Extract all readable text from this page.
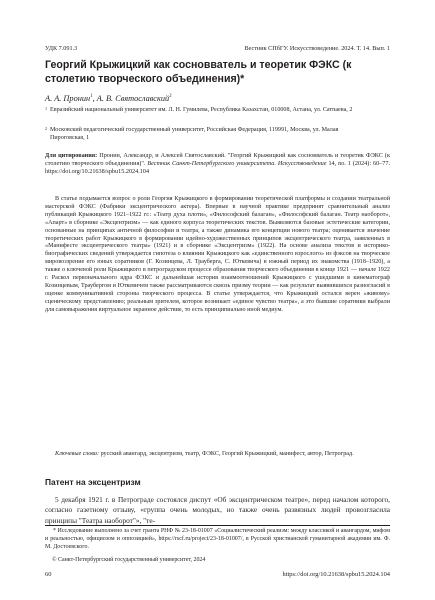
УДК 7.091.3	Вестник СПбГУ. Искусствоведение. 2024. Т. 14. Вып. 1
Георгий Крыжицкий как сосновватель и теоретик ФЭКС (к столетию творческого объединения)*
А. А. Пронин$^1$, А. В. Святославский$^2$
1 Евразийский национальный университет им. Л. Н. Гумилева, Республика Казахстан, 010008, Астана, ул. Сатпаева, 2
2 Московский педагогический государственный университет, Российская Федерация, 119991, Москва, ул. Малая Пироговская, 1
Для цитирования: Пронин, Александр, и Алексей Святославский. "Георгий Крыжицкий как сосновватель и теоретик ФЭКС (к столетию творческого объединения)". Вестник Санкт-Петербургского университета. Искусствоведение 14, no. 1 (2024): 60–77. https://doi.org/10.21638/spbu15.2024.104

В статье подымается вопрос о роли Георгия Крыжицкого в формировании теоретической платформы и создании театральной мастерской ФЭКС (Фабрики эксцентрического актера). Впервые в научной практике предпринят сравнительный анализ публикаций Крыжицкого 1921–1922 гг.: «Театр духа плоти», «Философский балаган», «Философский балаган. Театр наоборот», «Апарт» в сборнике «Эксцентризм» — как единого корпуса теоретических текстов. Выявляются базовые эстетические категории, основанные на принципах античной философии и театра, а также динамика его концепции нового театра; оценивается значение теоретических работ Крыжицкого в формировании идейно-художественных принципов эксцентрического театра, заявленных в «Манифесте эксцентрического театра» (1921) и в сборнике «Эксцентризм» (1922). На основе анализа текстов и историко-биографических сведений утверждается гипотеза о влиянии Крыжицкого как «единственного взрослого» из фэксов на творческое мировоззрение его юных соратников (Г. Козинцева, Л. Трауберга, С. Юткевича) в южный период их знакомства (1918–1920), а также о ключевой роли Крыжицкого в петроградском процессе образования творческого объединения в конце 1921 — начале 1922 г. Раскол первоначального ядра ФЭКС и дальнейшая история взаимоотношений Крыжицкого с ушедшими в кинематограф Козинцевым, Траубергом и Юткевичем также рассматриваются сквозь призму теории — как результат выявившихся разногласий в оценке коммуникативной стороны творческого процесса. В статье утверждается, что Крыжицкий остался верен «живому» сценическому представлению; реальным зрителем, которое возникает «единое чувство театра», а это бывшие соратники выбрали для самовыражения виртуальное экранное действие, то есть принципиально иной медиум.

Ключевые слова: русский авангард, эксцентризм, театр, ФЭКС, Георгий Крыжицкий, манифест, автор, Петроград.

Патент на эксцентризм

5 декабря 1921 г. в Петрограде состоялся диспут «Об эксцентрическом театре», перед началом которого, согласно газетному отзыву, «группа очень молодых, но также очень развязных людей провозгласила принципы "Театра наоборот"», "те-

* Исследование выполнено за счет гранта РНФ № 23-18-01007 «Социалистический реализм: между классикой и авангардом, мифом и реальностью, официозом и оппозицией», https://rscf.ru/project/23-18-01007/, в Русской христианской гуманитарной академии им. Ф. М. Достоевского.

© Санкт-Петербургский государственный университет, 2024
60	https://doi.org/10.21638/spbu15.2024.104
